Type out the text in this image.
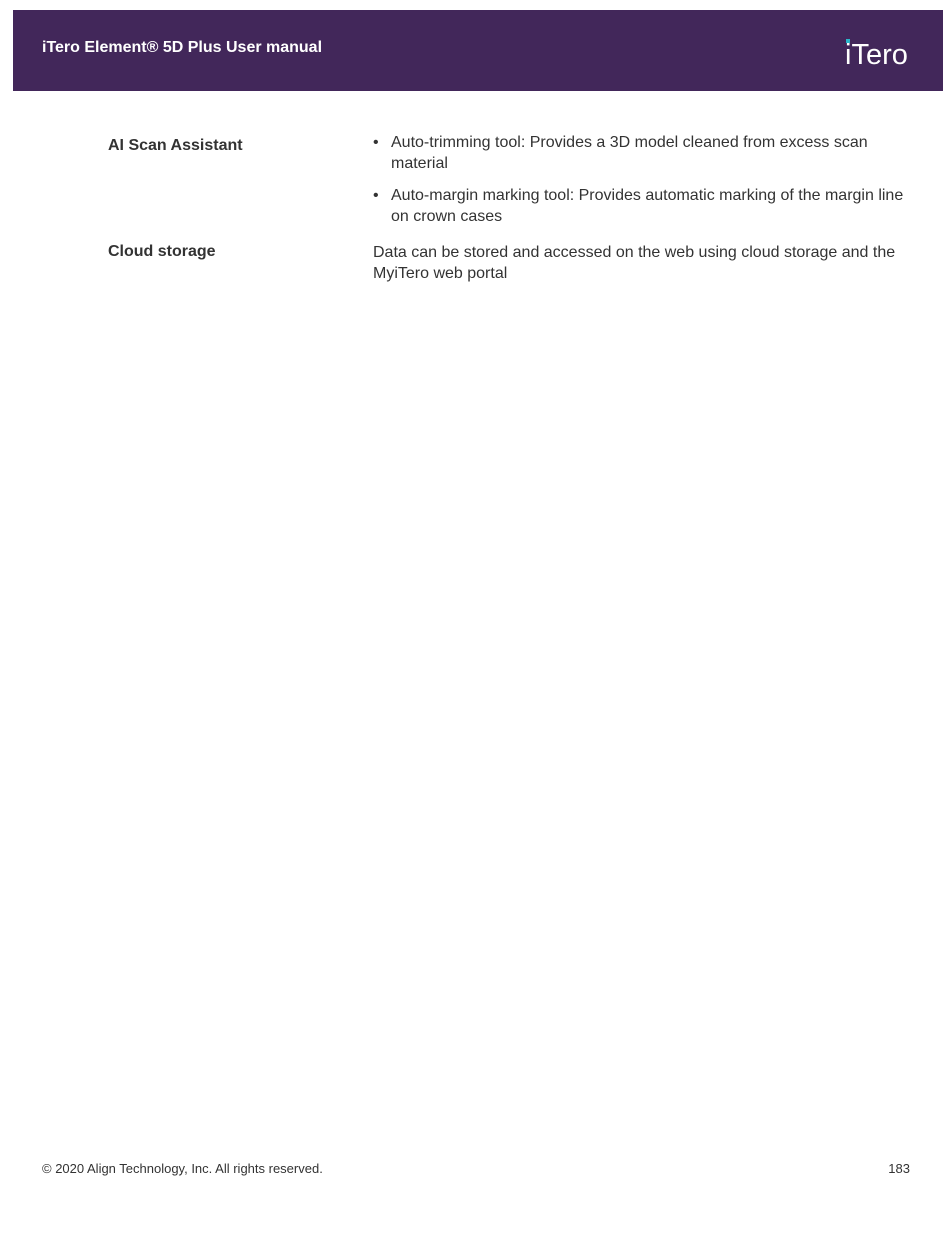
iTero Element® 5D Plus User manual	iTero
AI Scan Assistant	• Auto-trimming tool: Provides a 3D model cleaned from excess scan material
• Auto-margin marking tool: Provides automatic marking of the margin line on crown cases
Cloud storage	Data can be stored and accessed on the web using cloud storage and the MyiTero web portal
© 2020 Align Technology, Inc. All rights reserved.	183
